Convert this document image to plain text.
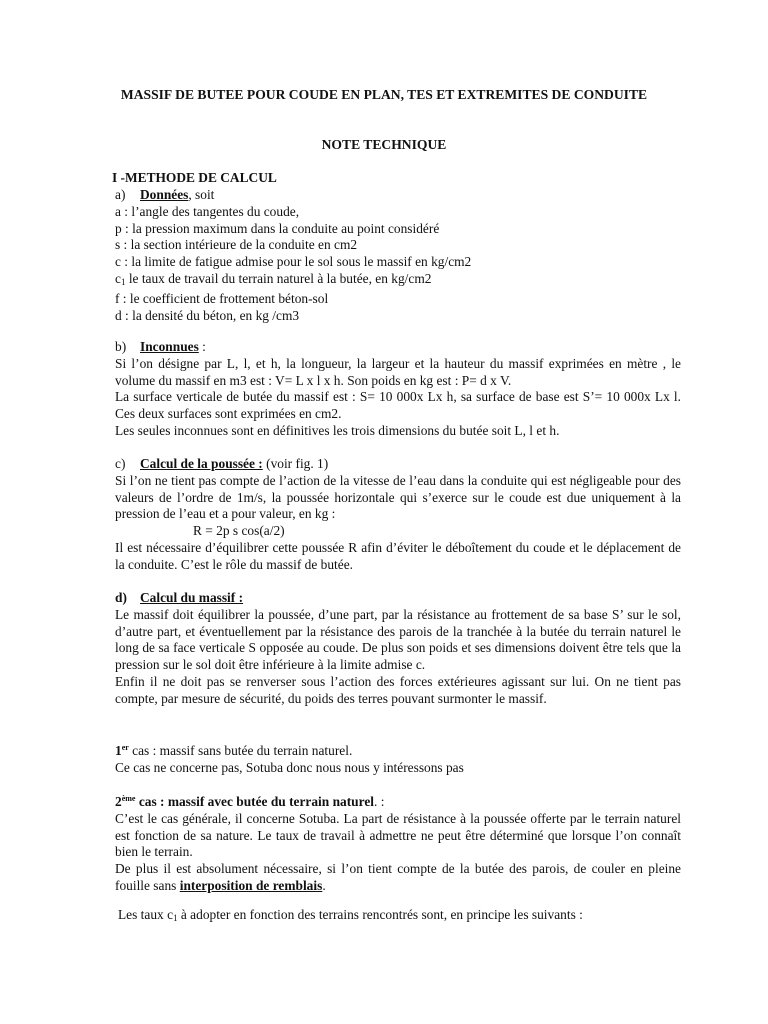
MASSIF DE BUTEE POUR COUDE EN PLAN, TES ET EXTREMITES DE CONDUITE
NOTE TECHNIQUE
I -METHODE DE CALCUL

a) Données, soit

a : l’angle des tangentes du coude,

p : la pression maximum dans la conduite au point considéré

s : la section intérieure de la conduite en cm2

c : la limite de fatigue admise pour le sol sous le massif en kg/cm2

$c_1$ le taux de travail du terrain naturel à la butée, en kg/cm2

f : le coefficient de frottement béton-sol

d : la densité du béton, en kg /cm3

b) Inconnues :

Si l’on désigne par L, l, et h, la longueur, la largeur et la hauteur du massif exprimées en mètre , le volume du massif en m3 est : V= L x l x h. Son poids en kg est : P= d x V.

La surface verticale de butée du massif est : S= 10 000x Lx h, sa surface de base est S’= 10 000x Lx l. Ces deux surfaces sont exprimées en cm2.

Les seules inconnues sont en définitives les trois dimensions du butée soit L, l et h.

c) Calcul de la poussée : (voir fig. 1)

Si l’on ne tient pas compte de l’action de la vitesse de l’eau dans la conduite qui est négligeable pour des valeurs de l’ordre de 1m/s, la poussée horizontale qui s’exerce sur le coude est due uniquement à la pression de l’eau et a pour valeur, en kg :

R = 2p s cos(a/2)

Il est nécessaire d’équilibrer cette poussée R afin d’éviter le déboîtement du coude et le déplacement de la conduite. C’est le rôle du massif de butée.

d) Calcul du massif :

Le massif doit équilibrer la poussée, d’une part, par la résistance au frottement de sa base S’ sur le sol, d’autre part, et éventuellement par la résistance des parois de la tranchée à la butée du terrain naturel le long de sa face verticale S opposée au coude. De plus son poids et ses dimensions doivent être tels que la pression sur le sol doit être inférieure à la limite admise c.

Enfin il ne doit pas se renverser sous l’action des forces extérieures agissant sur lui. On ne tient pas compte, par mesure de sécurité, du poids des terres pouvant surmonter le massif.

1er cas : massif sans butée du terrain naturel.

Ce cas ne concerne pas, Sotuba donc nous nous y intéressons pas

2ème cas : massif avec butée du terrain naturel. :

C’est le cas générale, il concerne Sotuba. La part de résistance à la poussée offerte par le terrain naturel est fonction de sa nature. Le taux de travail à admettre ne peut être déterminé que lorsque l’on connaît bien le terrain.

De plus il est absolument nécessaire, si l’on tient compte de la butée des parois, de couler en pleine fouille sans interposition de remblais.

Les taux $c_1$ à adopter en fonction des terrains rencontrés sont, en principe les suivants :
